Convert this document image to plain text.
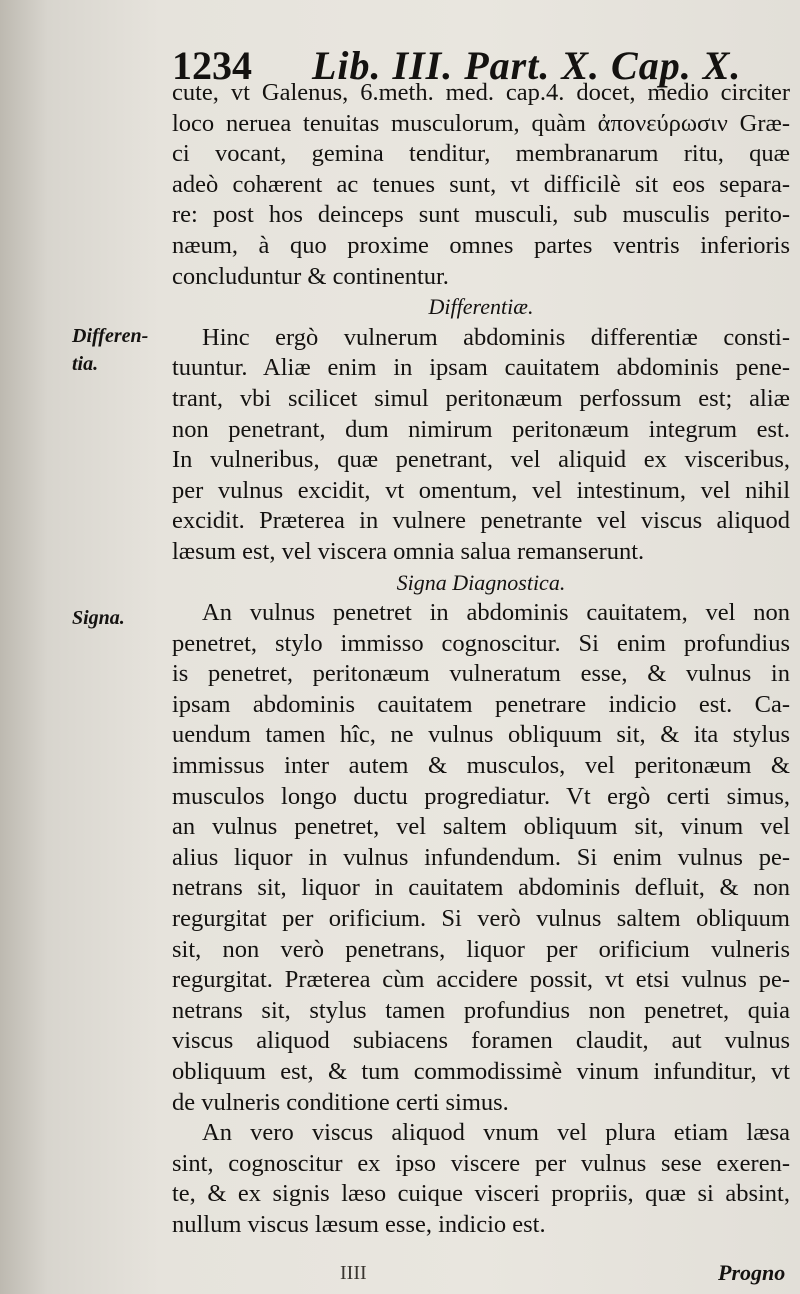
1234 Lib. III. Part. X. Cap. X.
Differen-
tia.
Signa.
cute, vt Galenus, 6.meth. med. cap.4. docet, medio circiter
loco neruea tenuitas musculorum, quàm ἀπονεύρωσιν Græ-
ci vocant, gemina tenditur, membranarum ritu, quæ
adeò cohærent ac tenues sunt, vt difficilè sit eos separa-
re: post hos deinceps sunt musculi, sub musculis perito-
næum, à quo proxime omnes partes ventris inferioris
concluduntur & continentur.
Differentiæ.
Hinc ergò vulnerum abdominis differentiæ consti-
tuuntur. Aliæ enim in ipsam cauitatem abdominis pene-
trant, vbi scilicet simul peritonæum perfossum est; aliæ
non penetrant, dum nimirum peritonæum integrum est.
In vulneribus, quæ penetrant, vel aliquid ex visceribus,
per vulnus excidit, vt omentum, vel intestinum, vel nihil
excidit. Præterea in vulnere penetrante vel viscus aliquod
læsum est, vel viscera omnia salua remanserunt.
Signa Diagnostica.
An vulnus penetret in abdominis cauitatem, vel non
penetret, stylo immisso cognoscitur. Si enim profundius
is penetret, peritonæum vulneratum esse, & vulnus in
ipsam abdominis cauitatem penetrare indicio est. Ca-
uendum tamen hîc, ne vulnus obliquum sit, & ita stylus
immissus inter autem & musculos, vel peritonæum &
musculos longo ductu progrediatur. Vt ergò certi simus,
an vulnus penetret, vel saltem obliquum sit, vinum vel
alius liquor in vulnus infundendum. Si enim vulnus pe-
netrans sit, liquor in cauitatem abdominis defluit, & non
regurgitat per orificium. Si verò vulnus saltem obliquum
sit, non verò penetrans, liquor per orificium vulneris
regurgitat. Præterea cùm accidere possit, vt etsi vulnus pe-
netrans sit, stylus tamen profundius non penetret, quia
viscus aliquod subiacens foramen claudit, aut vulnus
obliquum est, & tum commodissimè vinum infunditur, vt
de vulneris conditione certi simus.
An vero viscus aliquod vnum vel plura etiam læsa
sint, cognoscitur ex ipso viscere per vulnus sese exeren-
te, & ex signis læso cuique visceri propriis, quæ si absint,
nullum viscus læsum esse, indicio est.
IIII	Progno
